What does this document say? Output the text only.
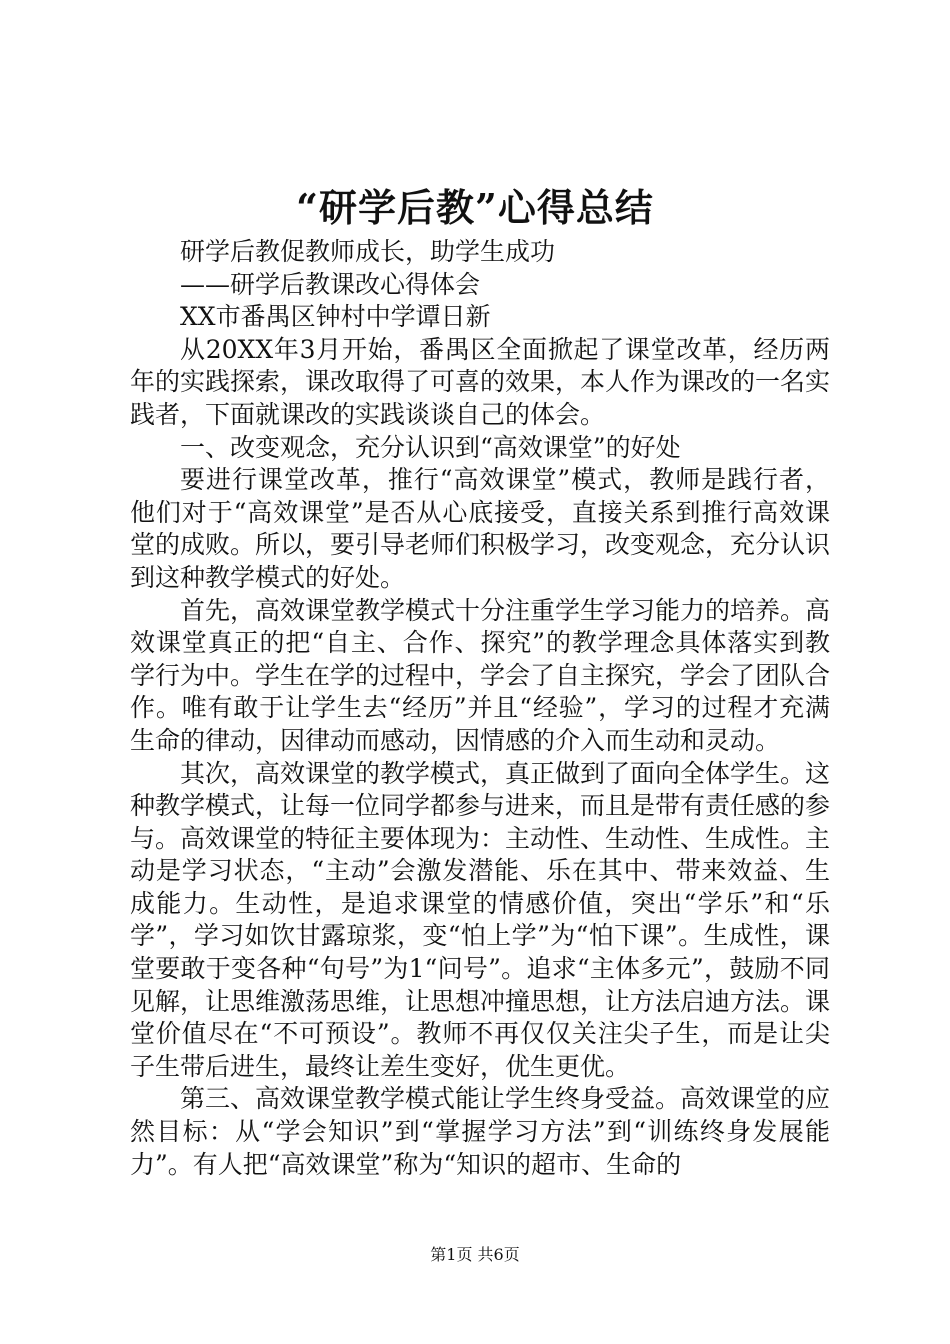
“研学后教”心得总结

研学后教促教师成长，助学生成功

——研学后教课改心得体会

XX市番禺区钟村中学谭日新

从20XX年3月开始，番禺区全面掀起了课堂改革，经历两年的实践探索，课改取得了可喜的效果，本人作为课改的一名实践者，下面就课改的实践谈谈自己的体会。

一、改变观念，充分认识到“高效课堂”的好处

要进行课堂改革，推行“高效课堂”模式，教师是践行者，他们对于“高效课堂”是否从心底接受，直接关系到推行高效课堂的成败。所以，要引导老师们积极学习，改变观念，充分认识到这种教学模式的好处。

首先，高效课堂教学模式十分注重学生学习能力的培养。高效课堂真正的把“自主、合作、探究”的教学理念具体落实到教学行为中。学生在学的过程中，学会了自主探究，学会了团队合作。唯有敢于让学生去“经历”并且“经验”，学习的过程才充满生命的律动，因律动而感动，因情感的介入而生动和灵动。

其次，高效课堂的教学模式，真正做到了面向全体学生。这种教学模式，让每一位同学都参与进来，而且是带有责任感的参与。高效课堂的特征主要体现为：主动性、生动性、生成性。主动是学习状态，“主动”会激发潜能、乐在其中、带来效益、生成能力。生动性，是追求课堂的情感价值，突出“学乐”和“乐学”，学习如饮甘露琼浆，变“怕上学”为“怕下课”。生成性，课堂要敢于变各种“句号”为1“问号”。追求“主体多元”，鼓励不同见解，让思维激荡思维，让思想冲撞思想，让方法启迪方法。课堂价值尽在“不可预设”。教师不再仅仅关注尖子生，而是让尖子生带后进生，最终让差生变好，优生更优。

第三、高效课堂教学模式能让学生终身受益。高效课堂的应然目标：从“学会知识”到“掌握学习方法”到“训练终身发展能力”。有人把“高效课堂”称为“知识的超市、生命的

第1页 共6页
